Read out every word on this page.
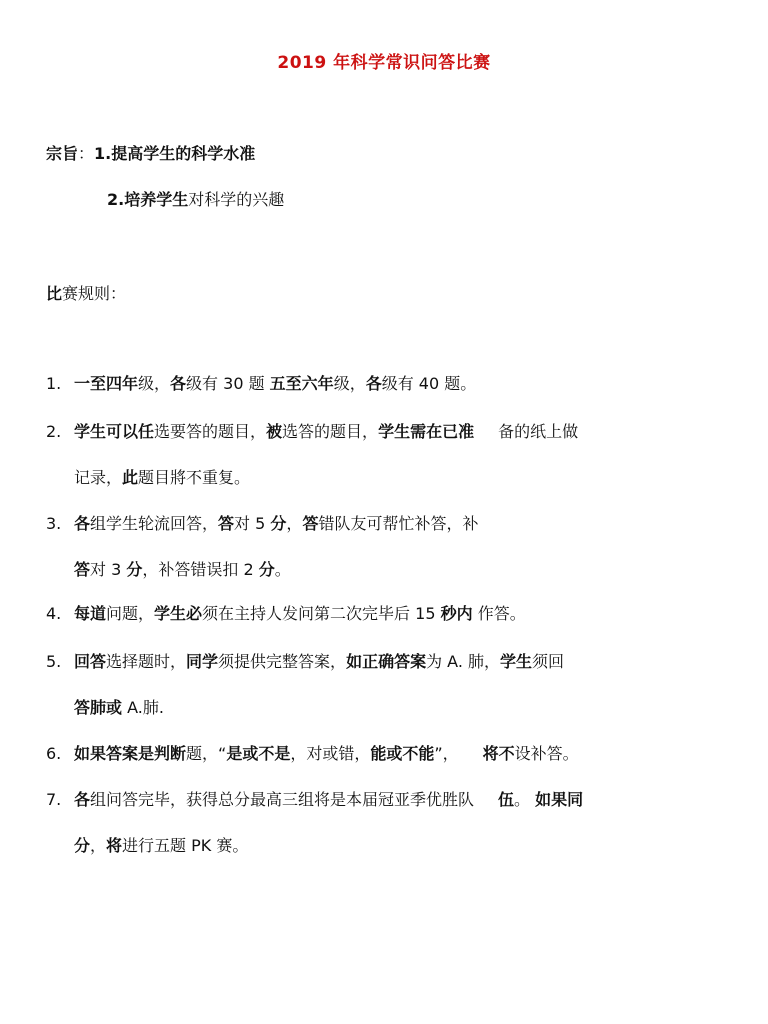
2019 年科学常识问答比赛
宗旨：1.提高学生的科学水准
2.培养学生对科学的兴趣
比赛规则：
1. 一至四年级，各级有 30 题 五至六年级，各级有 40 题。
2. 学生可以任选要答的题目，被选答的题目，学生需在已准 备的纸上做
记录，此题目將不重复。
3. 各组学生轮流回答，答对 5 分，答错队友可帮忙补答，补
答对 3 分，补答错误扣 2 分。
4. 每道问题，学生必须在主持人发问第二次完毕后 15 秒内 作答。
5. 回答选择题时，同学须提供完整答案，如正确答案为 A. 肺，学生须回
答肺或 A.肺.
6. 如果答案是判断题，“是或不是，对或错，能或不能”， 将不设补答。
7. 各组问答完毕，获得总分最高三组将是本届冠亚季优胜队 伍。 如果同
分，将进行五题 PK 赛。
